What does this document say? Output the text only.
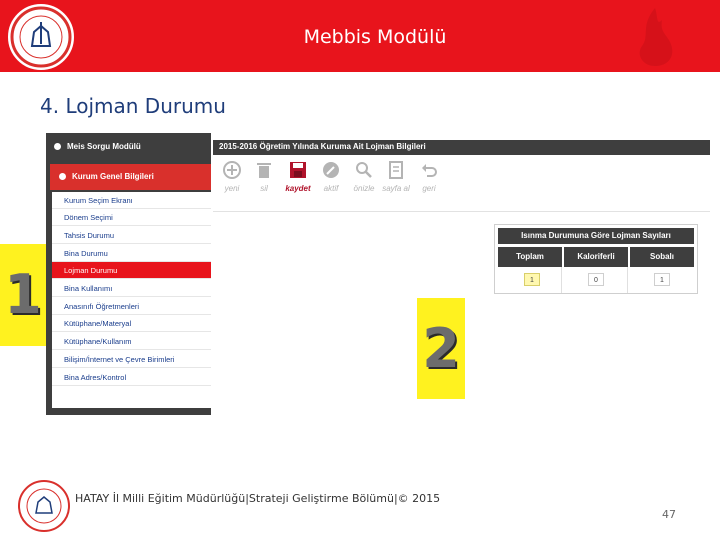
Mebbis Modülü
4. Lojman Durumu
Meis Sorgu Modülü
Kurum Genel Bilgileri
Kurum Seçim Ekranı
Dönem Seçimi
Tahsis Durumu
Bina Durumu
Lojman Durumu
Bina Kullanımı
Anasınıfı Öğretmenleri
Kütüphane/Materyal
Kütüphane/Kullanım
Bilişim/İnternet ve Çevre Birimleri
Bina Adres/Kontrol
Durum ve Onay
1
2
2015-2016 Öğretim Yılında Kuruma Ait Lojman Bilgileri
yeni	sil	kaydet	aktif	önizle sayfa al	geri
Isınma Durumuna Göre Lojman Sayıları
Toplam	Kaloriferli	Sobalı
1	0	1
HATAY İl Milli Eğitim Müdürlüğü|Strateji Geliştirme Bölümü|© 2015
47
